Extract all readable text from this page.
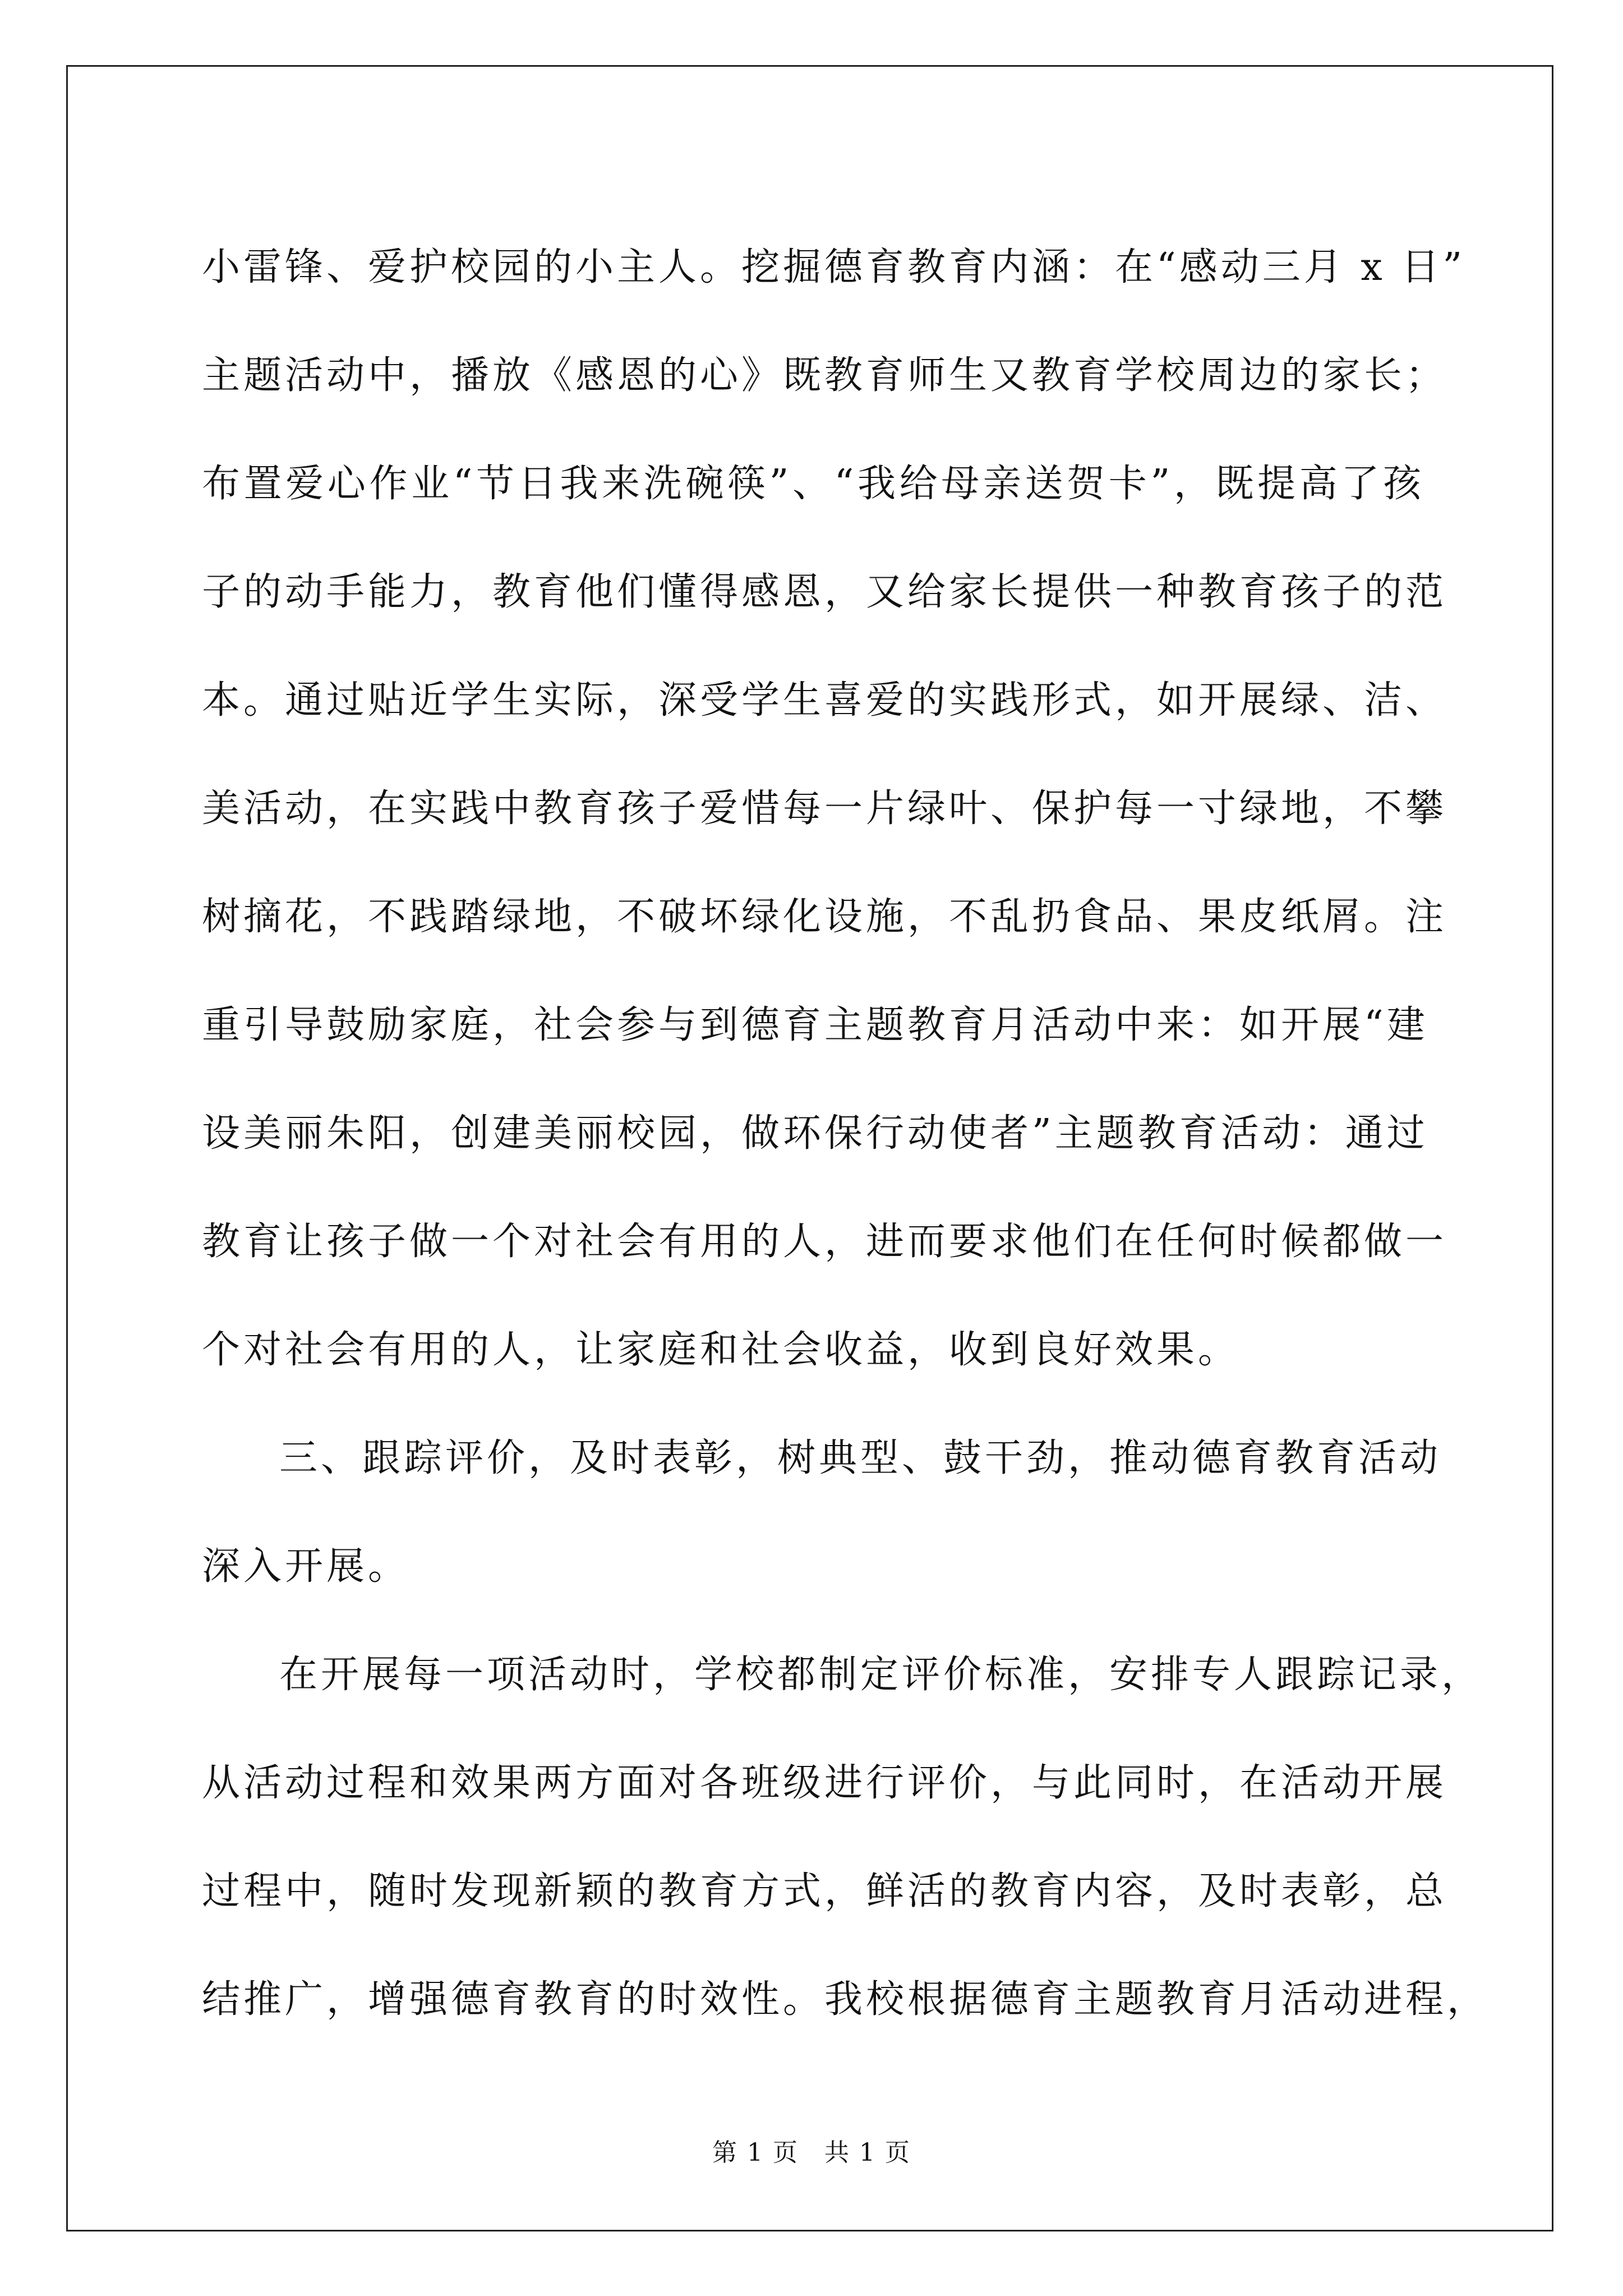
小雷锋、爱护校园的小主人。挖掘德育教育内涵：在“感动三月 x 日”
主题活动中，播放《感恩的心》既教育师生又教育学校周边的家长；
布置爱心作业“节日我来洗碗筷”、“我给母亲送贺卡”，既提高了孩
子的动手能力，教育他们懂得感恩，又给家长提供一种教育孩子的范
本。通过贴近学生实际，深受学生喜爱的实践形式，如开展绿、洁、
美活动，在实践中教育孩子爱惜每一片绿叶、保护每一寸绿地，不攀
树摘花，不践踏绿地，不破坏绿化设施，不乱扔食品、果皮纸屑。注
重引导鼓励家庭，社会参与到德育主题教育月活动中来：如开展“建
设美丽朱阳，创建美丽校园，做环保行动使者”主题教育活动：通过
教育让孩子做一个对社会有用的人，进而要求他们在任何时候都做一
个对社会有用的人，让家庭和社会收益，收到良好效果。
三、跟踪评价，及时表彰，树典型、鼓干劲，推动德育教育活动
深入开展。
在开展每一项活动时，学校都制定评价标准，安排专人跟踪记录，
从活动过程和效果两方面对各班级进行评价，与此同时，在活动开展
过程中，随时发现新颖的教育方式，鲜活的教育内容，及时表彰，总
结推广，增强德育教育的时效性。我校根据德育主题教育月活动进程，
第 1 页　共 1 页
